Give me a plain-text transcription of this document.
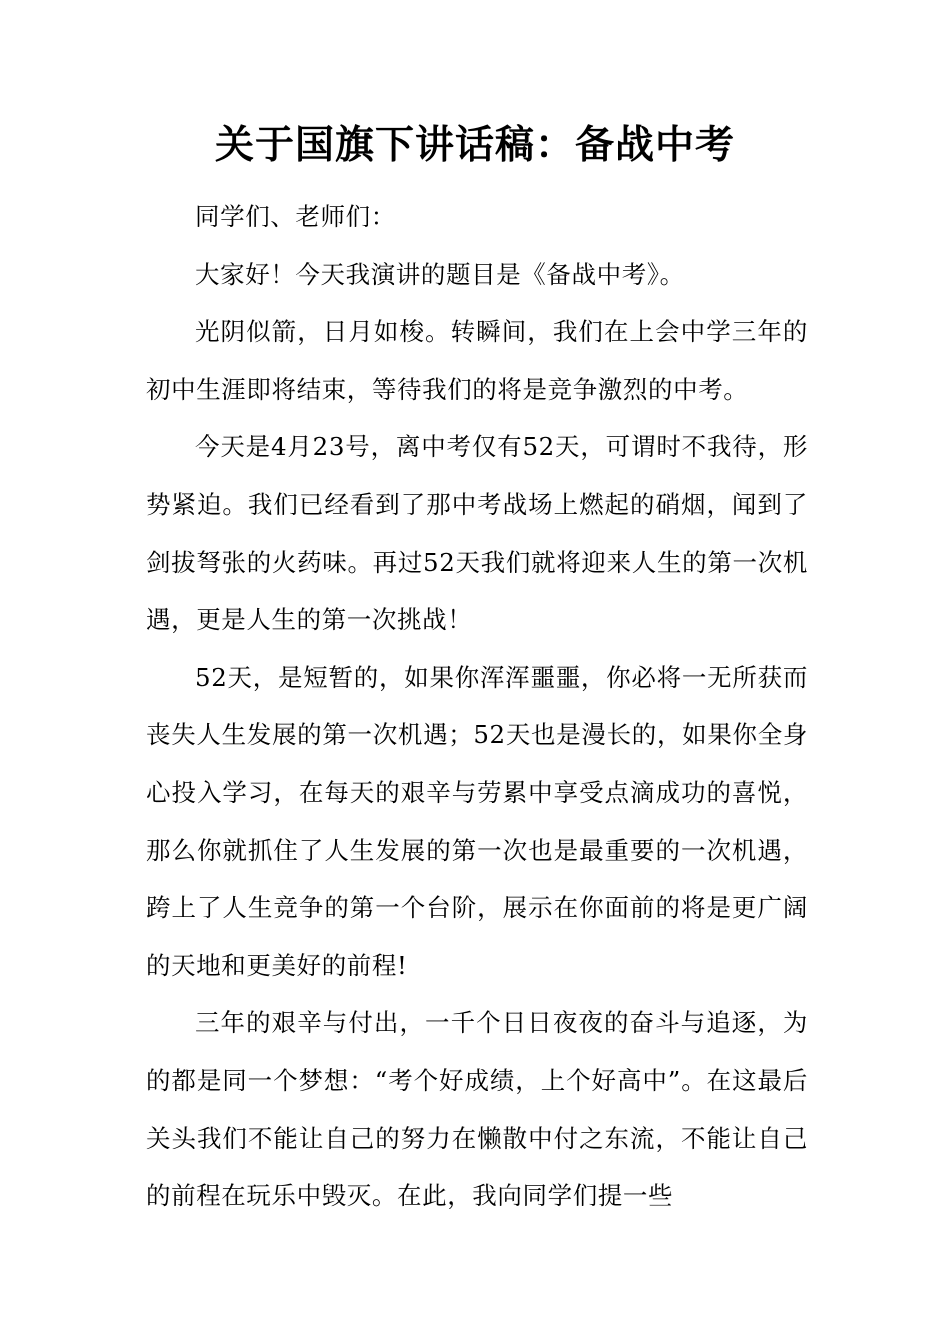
关于国旗下讲话稿：备战中考

同学们、老师们：

大家好！今天我演讲的题目是《备战中考》。

光阴似箭，日月如梭。转瞬间，我们在上会中学三年的初中生涯即将结束，等待我们的将是竞争激烈的中考。

今天是4月23号，离中考仅有52天，可谓时不我待，形势紧迫。我们已经看到了那中考战场上燃起的硝烟，闻到了剑拔弩张的火药味。再过52天我们就将迎来人生的第一次机遇，更是人生的第一次挑战！

52天，是短暂的，如果你浑浑噩噩，你必将一无所获而丧失人生发展的第一次机遇；52天也是漫长的，如果你全身心投入学习，在每天的艰辛与劳累中享受点滴成功的喜悦，那么你就抓住了人生发展的第一次也是最重要的一次机遇，跨上了人生竞争的第一个台阶，展示在你面前的将是更广阔的天地和更美好的前程!

三年的艰辛与付出，一千个日日夜夜的奋斗与追逐，为的都是同一个梦想：“考个好成绩，上个好高中”。在这最后关头我们不能让自己的努力在懒散中付之东流，不能让自己的前程在玩乐中毁灭。在此，我向同学们提一些
